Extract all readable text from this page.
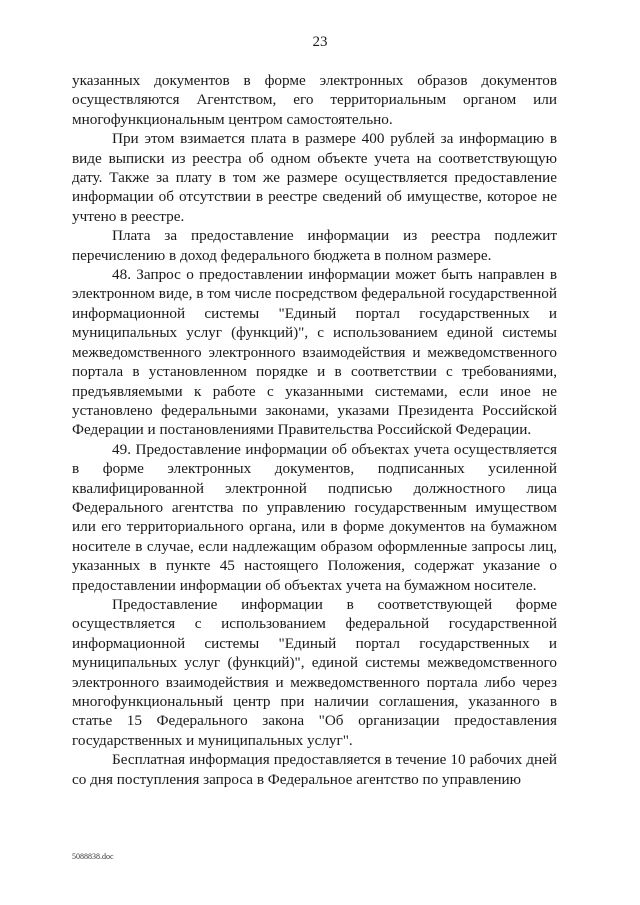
23

указанных документов в форме электронных образов документов осуществляются Агентством, его территориальным органом или многофункциональным центром самостоятельно.

При этом взимается плата в размере 400 рублей за информацию в виде выписки из реестра об одном объекте учета на соответствующую дату. Также за плату в том же размере осуществляется предоставление информации об отсутствии в реестре сведений об имуществе, которое не учтено в реестре.

Плата за предоставление информации из реестра подлежит перечислению в доход федерального бюджета в полном размере.

48. Запрос о предоставлении информации может быть направлен в электронном виде, в том числе посредством федеральной государственной информационной системы "Единый портал государственных и муниципальных услуг (функций)", с использованием единой системы межведомственного электронного взаимодействия и межведомственного портала в установленном порядке и в соответствии с требованиями, предъявляемыми к работе с указанными системами, если иное не установлено федеральными законами, указами Президента Российской Федерации и постановлениями Правительства Российской Федерации.

49. Предоставление информации об объектах учета осуществляется в форме электронных документов, подписанных усиленной квалифицированной электронной подписью должностного лица Федерального агентства по управлению государственным имуществом или его территориального органа, или в форме документов на бумажном носителе в случае, если надлежащим образом оформленные запросы лиц, указанных в пункте 45 настоящего Положения, содержат указание о предоставлении информации об объектах учета на бумажном носителе.

Предоставление информации в соответствующей форме осуществляется с использованием федеральной государственной информационной системы "Единый портал государственных и муниципальных услуг (функций)", единой системы межведомственного электронного взаимодействия и межведомственного портала либо через многофункциональный центр при наличии соглашения, указанного в статье 15 Федерального закона "Об организации предоставления государственных и муниципальных услуг".

Бесплатная информация предоставляется в течение 10 рабочих дней со дня поступления запроса в Федеральное агентство по управлению

5088838.doc
